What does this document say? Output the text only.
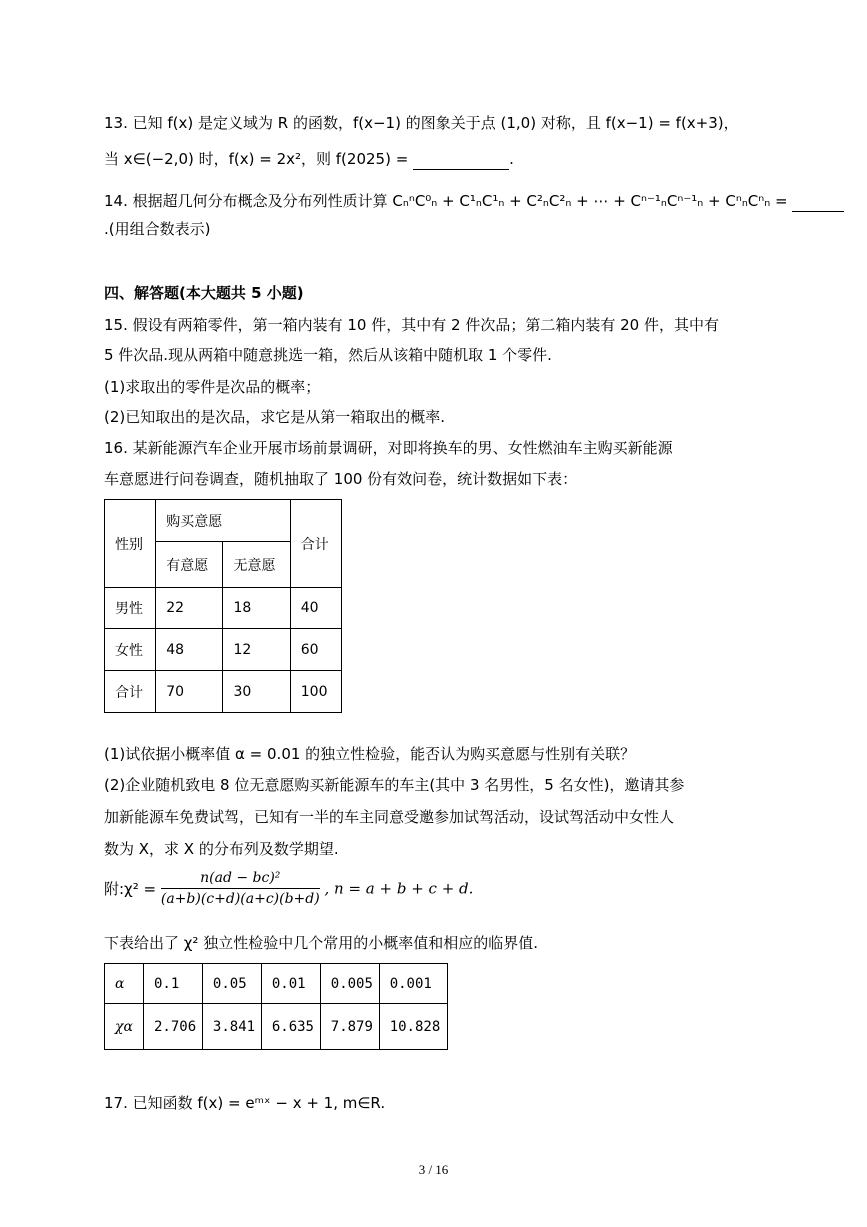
13. 已知 f(x) 是定义域为 R 的函数，f(x−1) 的图象关于点 (1,0) 对称，且 f(x−1) = f(x+3)，
当 x∈(−2,0) 时，f(x) = 2x²，则 f(2025) =	.
14. 根据超几何分布概念及分布列性质计算 CₙⁿC⁰ₙ + C¹ₙC¹ₙ + C²ₙC²ₙ + ⋯ + Cⁿ⁻¹ₙCⁿ⁻¹ₙ + CⁿₙCⁿₙ =
.(用组合数表示)
四、解答题(本大题共 5 小题)
15. 假设有两箱零件，第一箱内装有 10 件，其中有 2 件次品；第二箱内装有 20 件，其中有
5 件次品.现从两箱中随意挑选一箱，然后从该箱中随机取 1 个零件.
(1)求取出的零件是次品的概率；
(2)已知取出的是次品，求它是从第一箱取出的概率.
16. 某新能源汽车企业开展市场前景调研，对即将换车的男、女性燃油车主购买新能源
车意愿进行问卷调查，随机抽取了 100 份有效问卷，统计数据如下表：
性别	购买意愿		合计
	有意愿	无意愿	
男性	22	18	40
女性	48	12	60
合计	70	30	100
(1)试依据小概率值 α = 0.01 的独立性检验，能否认为购买意愿与性别有关联？
(2)企业随机致电 8 位无意愿购买新能源车的车主(其中 3 名男性，5 名女性)，邀请其参
加新能源车免费试驾，已知有一半的车主同意受邀参加试驾活动，设试驾活动中女性人
数为 X，求 X 的分布列及数学期望.
附:χ² = $\frac{\text{n(ad − bc)²}}{(a+b)(c+d)(a+c)(b+d)}$ , n = a + b + c + d.
下表给出了 χ² 独立性检验中几个常用的小概率值和相应的临界值.
α	0.1	0.05	0.01	0.005	0.001
χα	2.706	3.841	6.635	7.879	10.828
17. 已知函数 f(x) = eᵐˣ − x + 1, m∈R.
3 / 16
